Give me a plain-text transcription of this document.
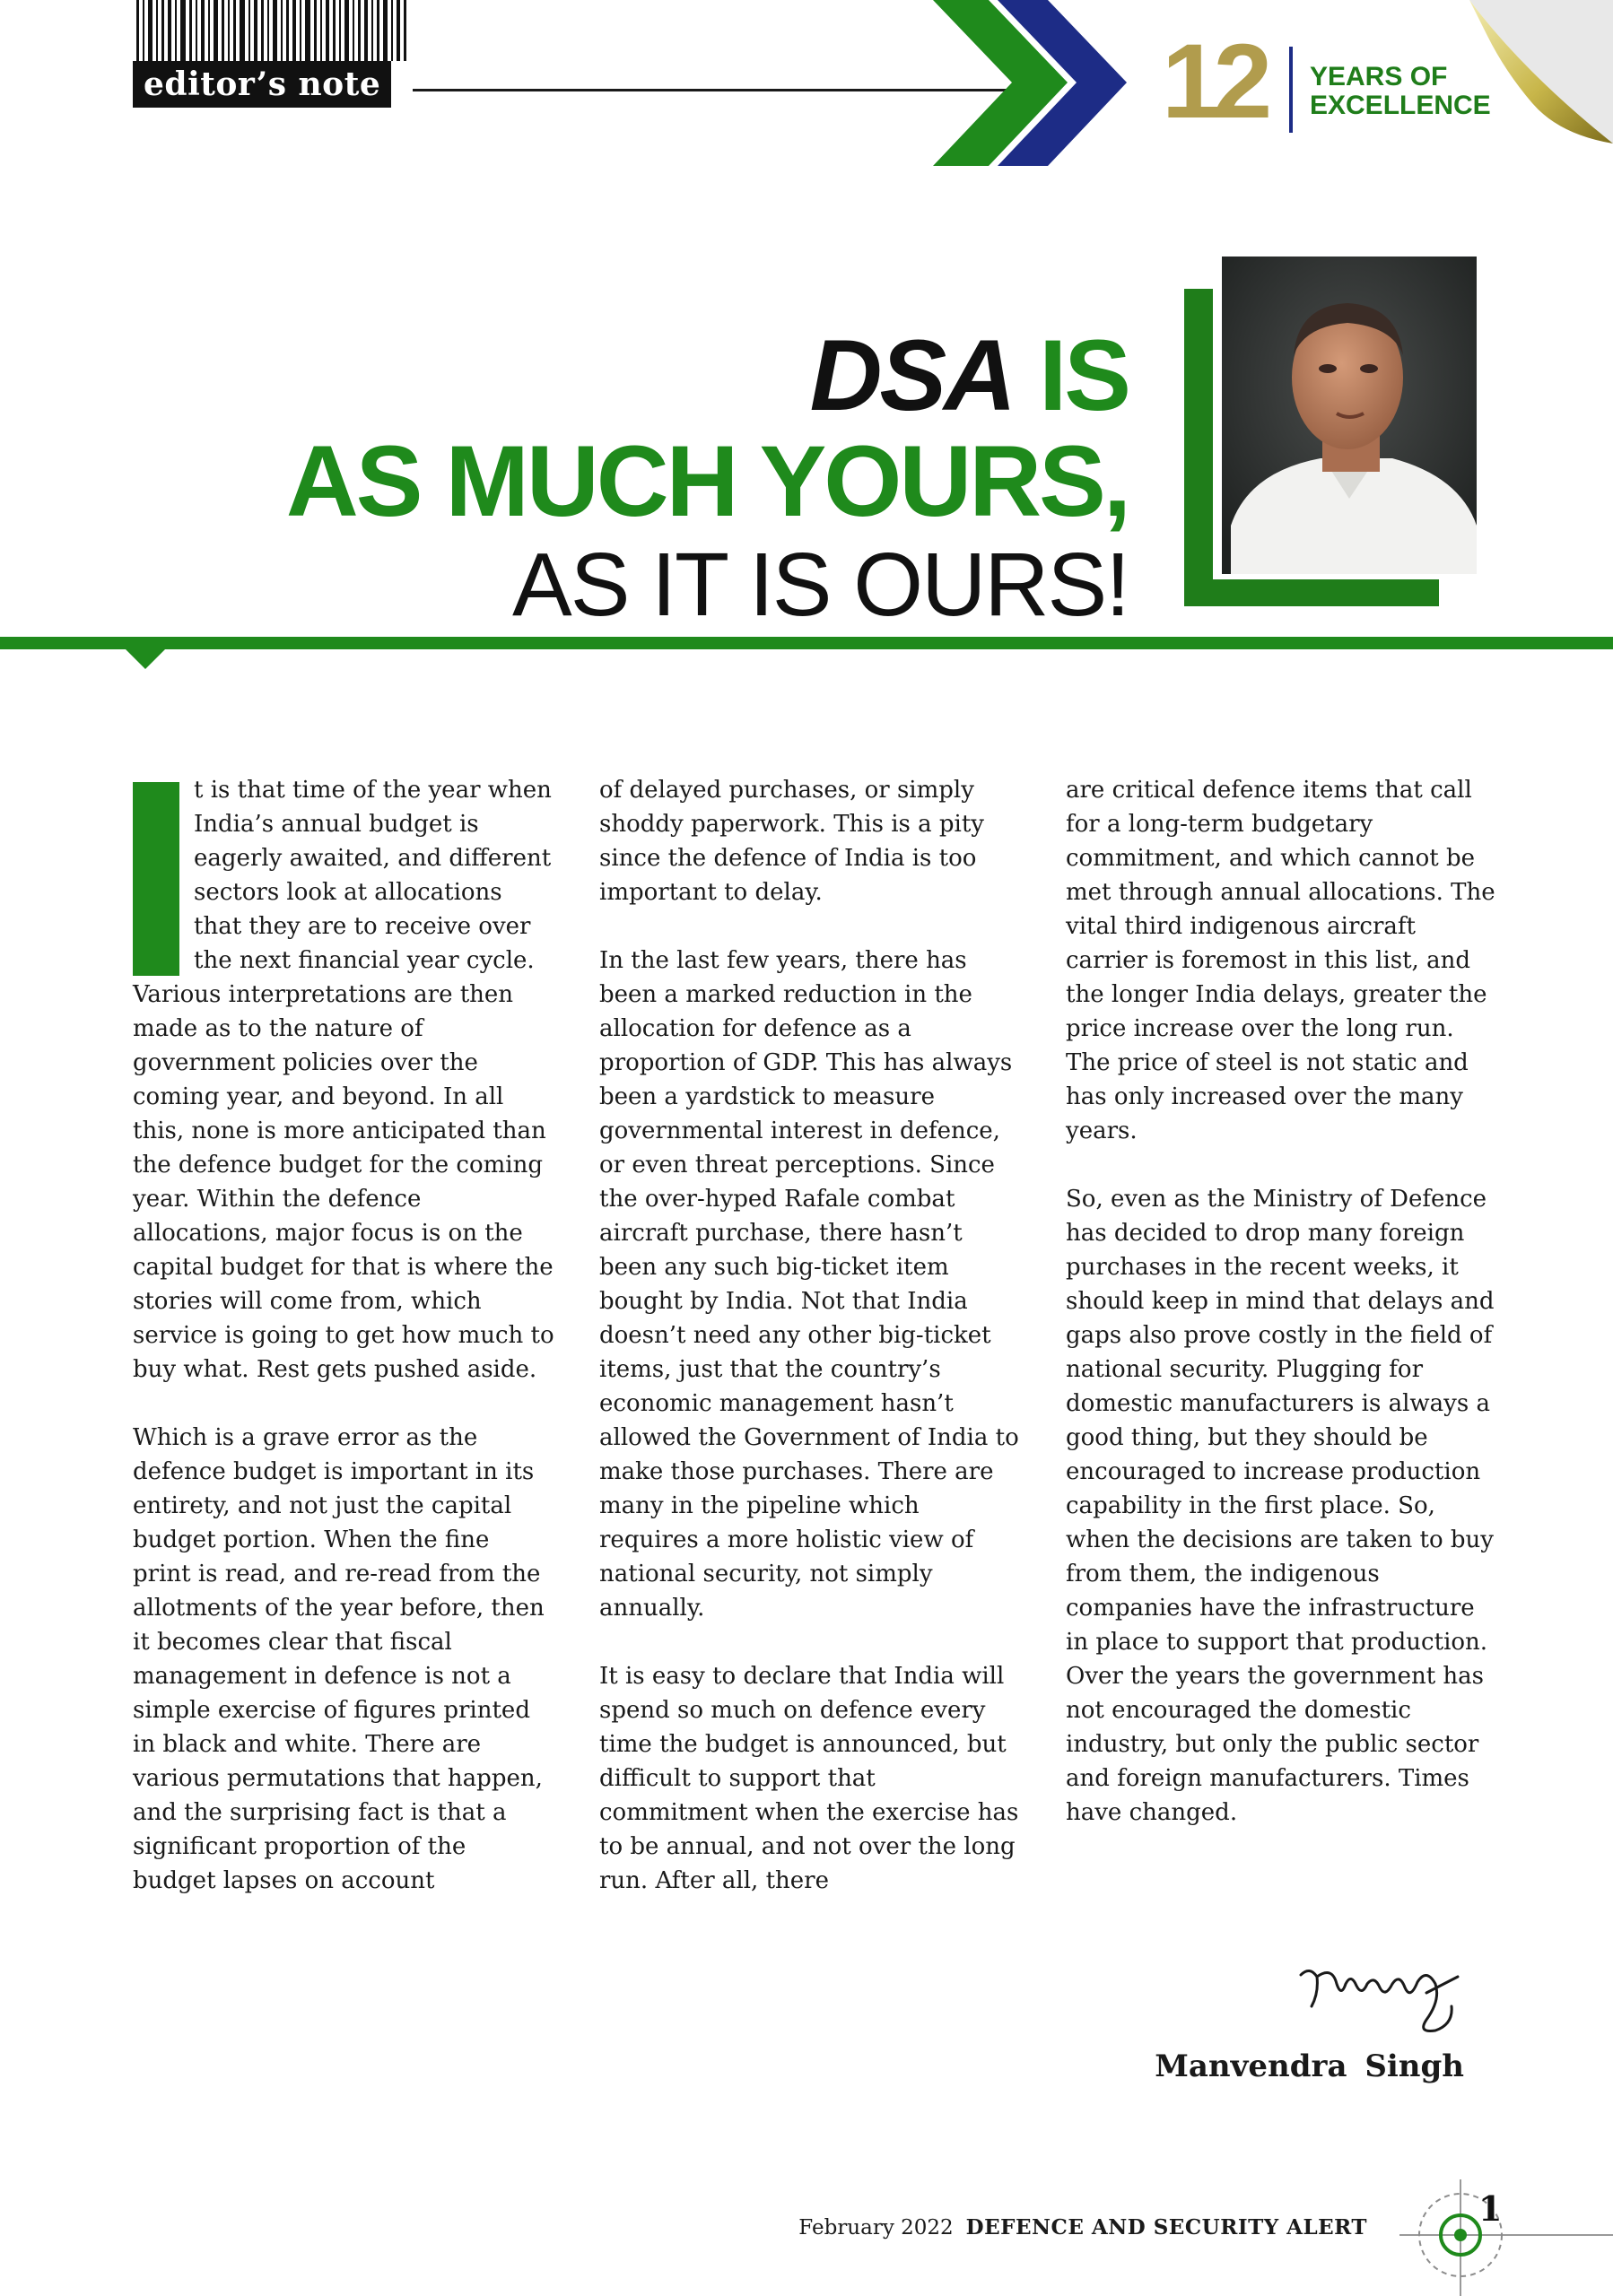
editor’s note	12 YEARS OF
EXCELLENCE
DSA IS
AS MUCH YOURS,
AS IT IS OURS!

t is that time of the year when India’s annual budget is eagerly awaited, and different sectors look at allocations that they are to receive over the next financial year cycle. Various interpretations are then made as to the nature of government policies over the coming year, and beyond. In all this, none is more anticipated than the defence budget for the coming year. Within the defence allocations, major focus is on the capital budget for that is where the stories will come from, which service is going to get how much to buy what. Rest gets pushed aside.

Which is a grave error as the defence budget is important in its entirety, and not just the capital budget portion. When the fine print is read, and re-read from the allotments of the year before, then it becomes clear that fiscal management in defence is not a simple exercise of figures printed in black and white. There are various permutations that happen, and the surprising fact is that a significant proportion of the budget lapses on account

of delayed purchases, or simply shoddy paperwork. This is a pity since the defence of India is too important to delay.

In the last few years, there has been a marked reduction in the allocation for defence as a proportion of GDP. This has always been a yardstick to measure governmental interest in defence, or even threat perceptions. Since the over-hyped Rafale combat aircraft purchase, there hasn’t been any such big-ticket item bought by India. Not that India doesn’t need any other big-ticket items, just that the country’s economic management hasn’t allowed the Government of India to make those purchases. There are many in the pipeline which requires a more holistic view of national security, not simply annually.

It is easy to declare that India will spend so much on defence every time the budget is announced, but difficult to support that commitment when the exercise has to be annual, and not over the long run. After all, there

are critical defence items that call for a long-term budgetary commitment, and which cannot be met through annual allocations. The vital third indigenous aircraft carrier is foremost in this list, and the longer India delays, greater the price increase over the long run. The price of steel is not static and has only increased over the many years.

So, even as the Ministry of Defence has decided to drop many foreign purchases in the recent weeks, it should keep in mind that delays and gaps also prove costly in the field of national security. Plugging for domestic manufacturers is always a good thing, but they should be encouraged to increase production capability in the first place. So, when the decisions are taken to buy from them, the indigenous companies have the infrastructure in place to support that production. Over the years the government has not encouraged the domestic industry, but only the public sector and foreign manufacturers. Times have changed.

Manvendra Singh
February 2022 DEFENCE AND SECURITY ALERT	1
